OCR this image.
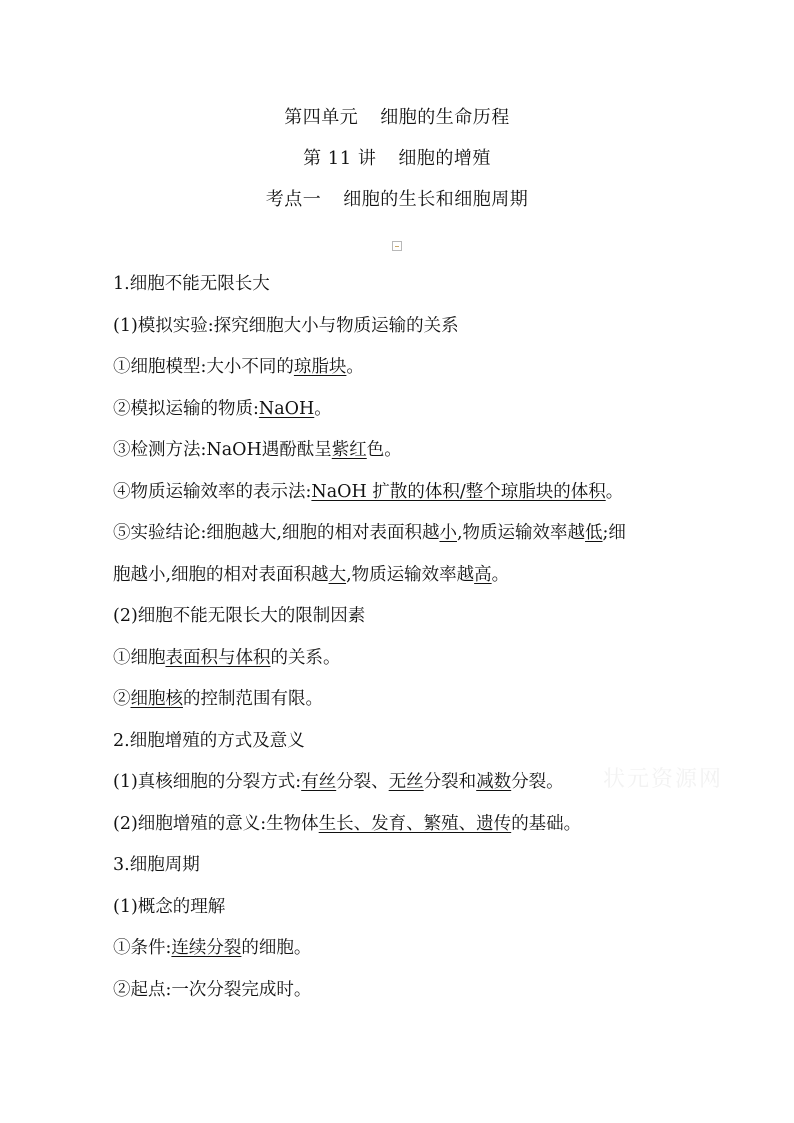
第四单元 细胞的生命历程
第 11 讲 细胞的增殖
考点一 细胞的生长和细胞周期
1.细胞不能无限长大
(1)模拟实验:探究细胞大小与物质运输的关系
①细胞模型:大小不同的琼脂块。
②模拟运输的物质:NaOH。
③检测方法:NaOH遇酚酞呈紫红色。
④物质运输效率的表示法:NaOH 扩散的体积/整个琼脂块的体积。
⑤实验结论:细胞越大,细胞的相对表面积越小,物质运输效率越低;细
胞越小,细胞的相对表面积越大,物质运输效率越高。
(2)细胞不能无限长大的限制因素
①细胞表面积与体积的关系。
②细胞核的控制范围有限。
2.细胞增殖的方式及意义
(1)真核细胞的分裂方式:有丝分裂、无丝分裂和减数分裂。
(2)细胞增殖的意义:生物体生长、发育、繁殖、遗传的基础。
3.细胞周期
(1)概念的理解
①条件:连续分裂的细胞。
②起点:一次分裂完成时。
状元资源网
